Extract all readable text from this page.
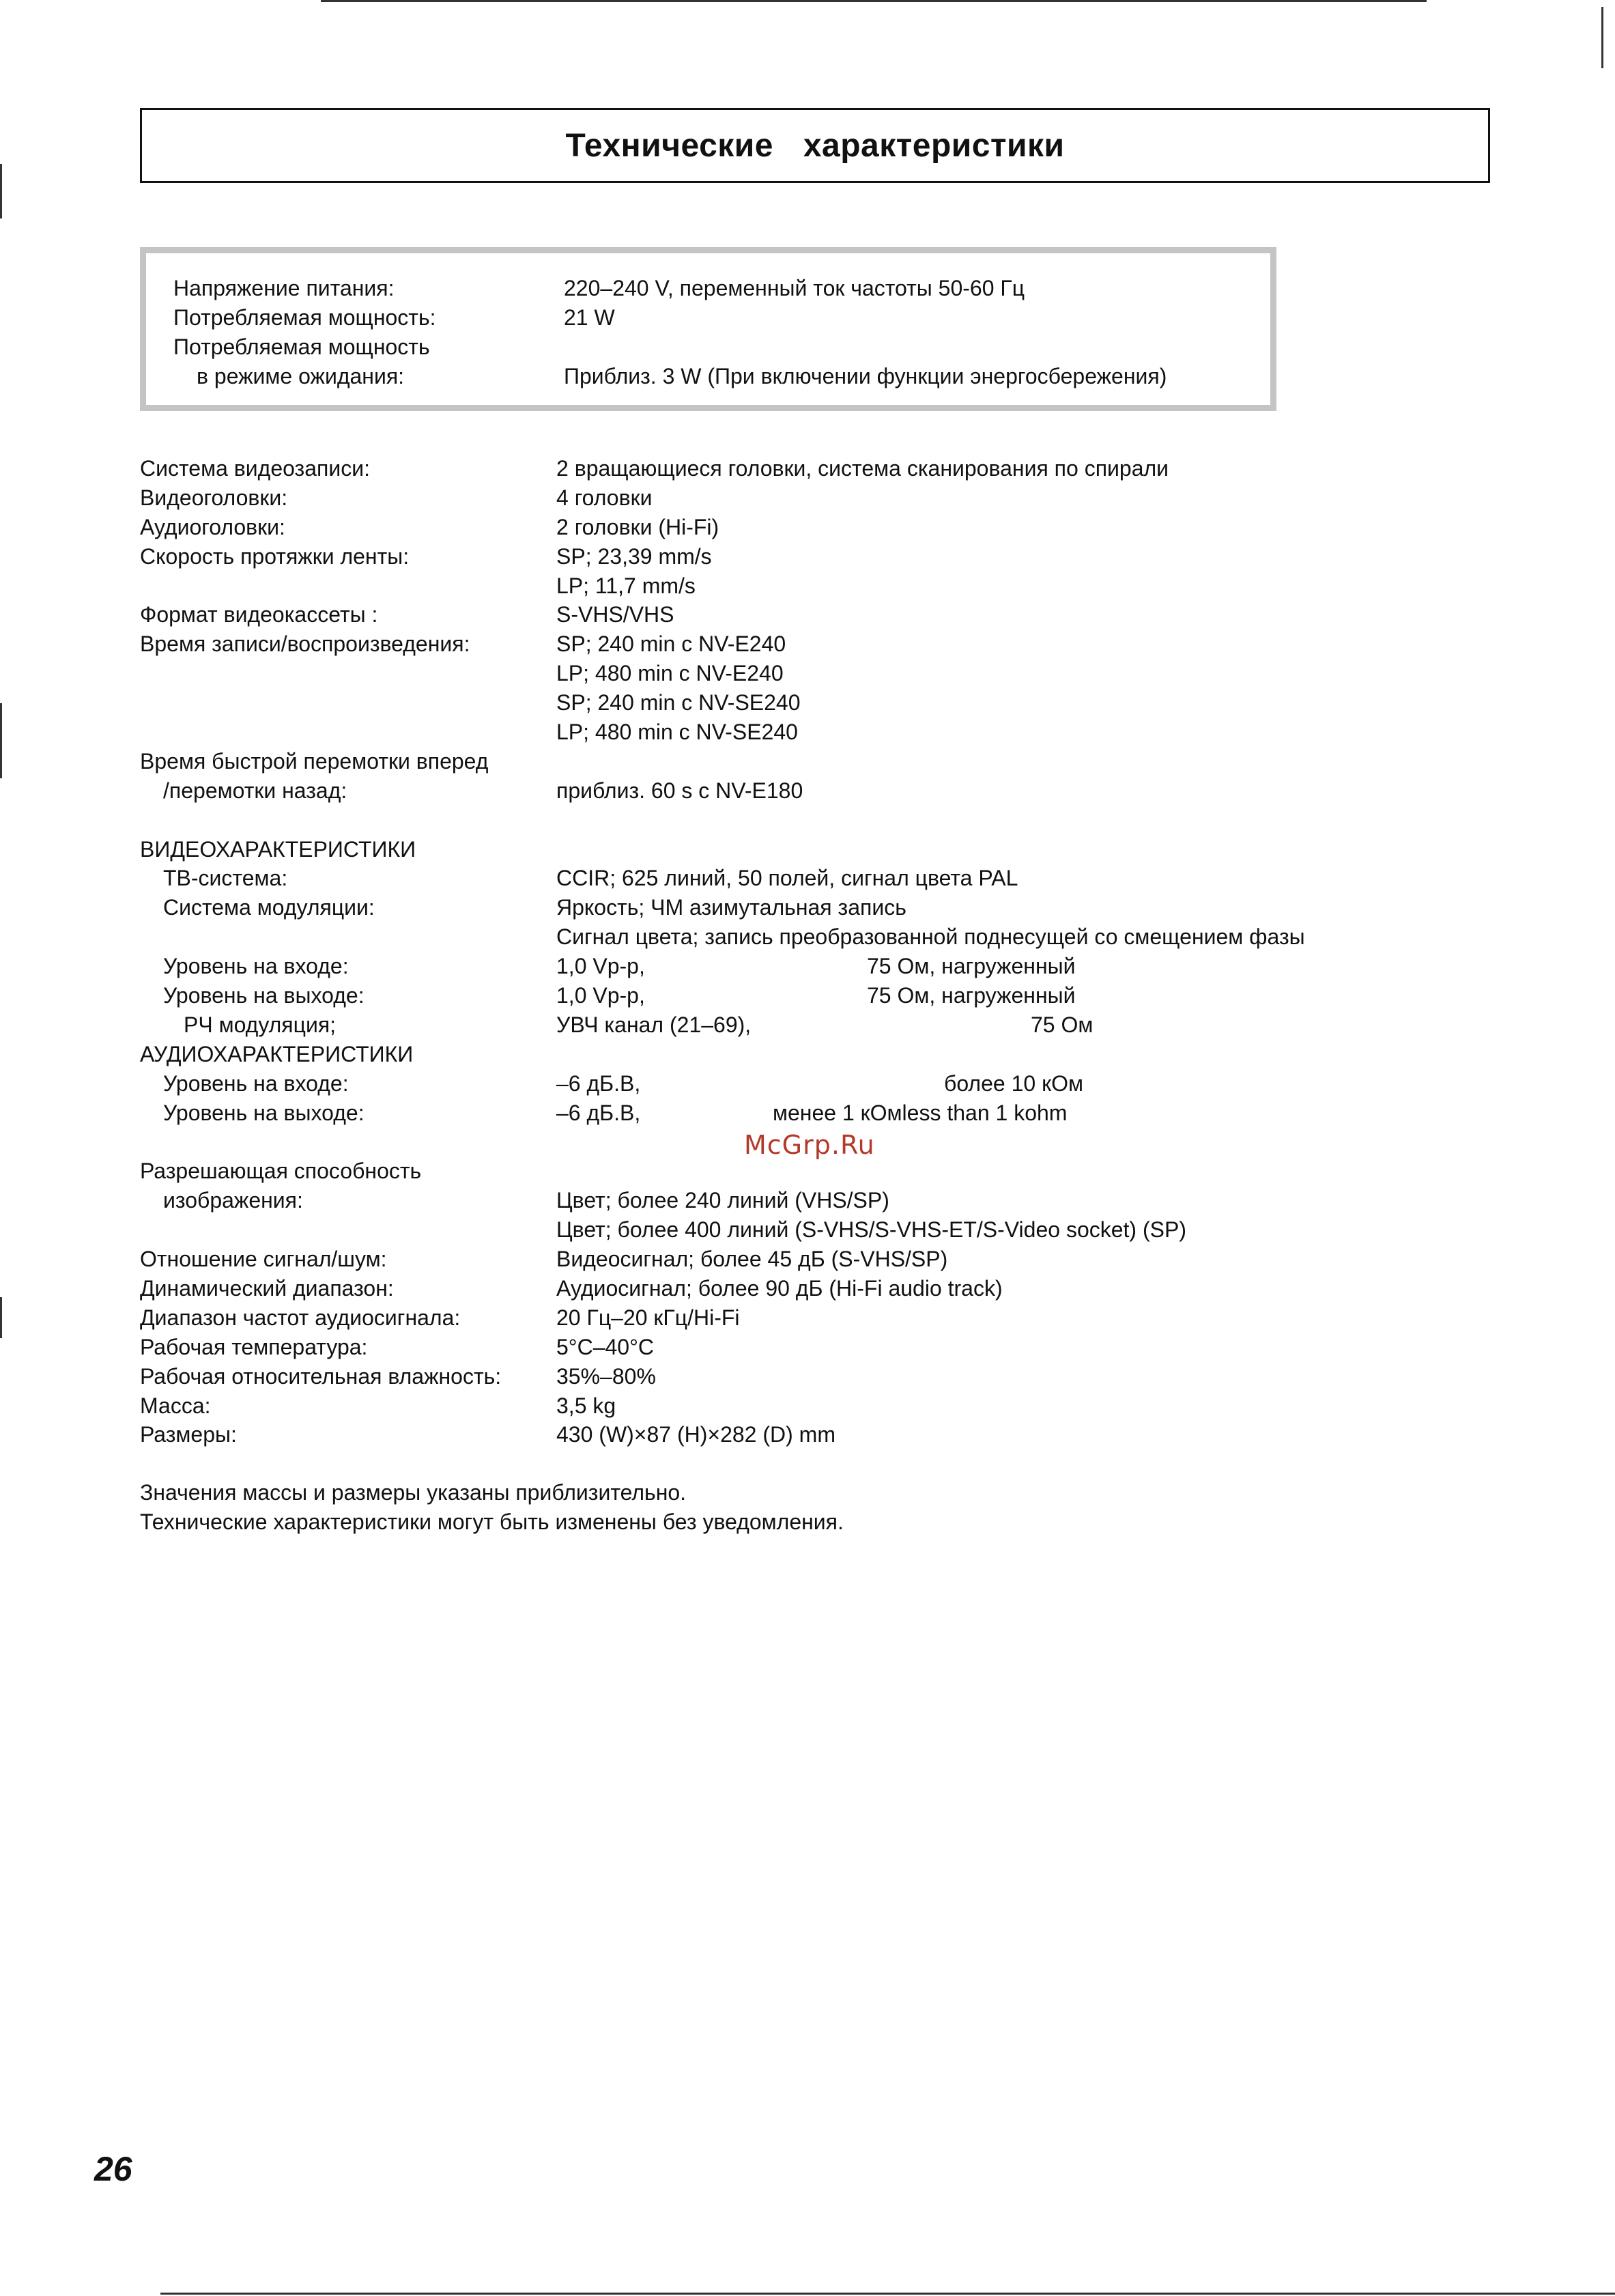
Технические характеристики
Напряжение питания:	220–240 V, переменный ток частоты 50-60 Гц
Потребляемая мощность:	21 W
Потребляемая мощность
в режиме ожидания:	Приблиз. 3 W (При включении функции энергосбережения)
Система видеозаписи:	2 вращающиеся головки, система сканирования по спирали
Видеоголовки:	4 головки
Аудиоголовки:	2 головки (Hi-Fi)
Скорость протяжки ленты:	SP; 23,39 mm/s
LP; 11,7 mm/s
Формат видеокассеты :	S-VHS/VHS
Время записи/воспроизведения:	SP; 240 min с NV-E240
LP; 480 min с NV-E240
SP; 240 min с NV-SE240
LP; 480 min с NV-SE240
Время быстрой перемотки вперед
/перемотки назад:	приблиз. 60 s с NV-E180
ВИДЕОХАРАКТЕРИСТИКИ
ТВ-система:	CCIR; 625 линий, 50 полей, сигнал цвета PAL
Система модуляции:	Яркость; ЧМ азимутальная запись
Сигнал цвета; запись преобразованной поднесущей со смещением фазы
Уровень на входе:	1,0 Vp-p,	75 Ом, нагруженный
Уровень на выходе:	1,0 Vp-p,	75 Ом, нагруженный
РЧ модуляция;	УВЧ канал (21–69),	75 Ом
АУДИОХАРАКТЕРИСТИКИ
Уровень на входе:	–6 дБ.В,	более 10 кОм
Уровень на выходе:	–6 дБ.В,	менее 1 кОмless than 1 kohm
Разрешающая способность
изображения:	Цвет; более 240 линий (VHS/SP)
Цвет; более 400 линий (S-VHS/S-VHS-ET/S-Video socket) (SP)
Отношение сигнал/шум:	Видеосигнал; более 45 дБ (S-VHS/SP)
Динамический диапазон:	Аудиосигнал; более 90 дБ (Hi-Fi audio track)
Диапазон частот аудиосигнала:	20 Гц–20 кГц/Hi-Fi
Рабочая температура:	5°C–40°C
Рабочая относительная влажность:	35%–80%
Масса:	3,5 kg
Размеры:	430 (W)×87 (H)×282 (D) mm
McGrp.Ru
Значения массы и размеры указаны приблизительно.
Технические характеристики могут быть изменены без уведомления.
26
